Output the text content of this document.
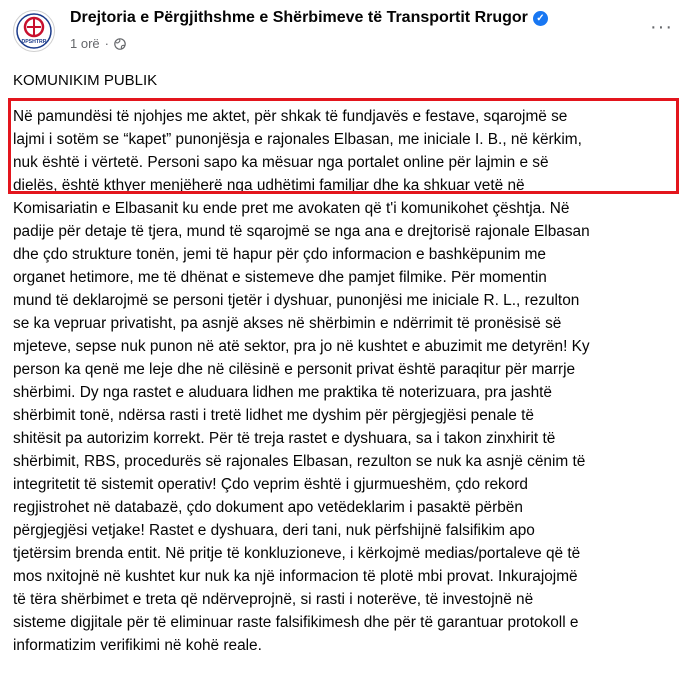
DPSHTRR
Drejtoria e Përgjithshme e Shërbimeve të Transportit Rrugor ✓
1 orë ·
···
KOMUNIKIM PUBLIK
Në pamundësi të njohjes me aktet, për shkak të fundjavës e festave, sqarojmë se
lajmi i sotëm se “kapet” punonjësja e rajonales Elbasan, me iniciale I. B., në kërkim,
nuk është i vërtetë. Personi sapo ka mësuar nga portalet online për lajmin e së
dielës, është kthyer menjëherë nga udhëtimi familjar dhe ka shkuar vetë në
Komisariatin e Elbasanit ku ende pret me avokaten që t'i komunikohet çështja. Në
padije për detaje të tjera, mund të sqarojmë se nga ana e drejtorisë rajonale Elbasan
dhe çdo strukture tonën, jemi të hapur për çdo informacion e bashkëpunim me
organet hetimore, me të dhënat e sistemeve dhe pamjet filmike. Për momentin
mund të deklarojmë se personi tjetër i dyshuar, punonjësi me iniciale R. L., rezulton
se ka vepruar privatisht, pa asnjë akses në shërbimin e ndërrimit të pronësisë së
mjeteve, sepse nuk punon në atë sektor, pra jo në kushtet e abuzimit me detyrën! Ky
person ka qenë me leje dhe në cilësinë e personit privat është paraqitur për marrje
shërbimi. Dy nga rastet e aluduara lidhen me praktika të noterizuara, pra jashtë
shërbimit tonë, ndërsa rasti i tretë lidhet me dyshim për përgjegjësi penale të
shitësit pa autorizim korrekt. Për të treja rastet e dyshuara, sa i takon zinxhirit të
shërbimit, RBS, procedurës së rajonales Elbasan, rezulton se nuk ka asnjë cënim të
integritetit të sistemit operativ! Çdo veprim është i gjurmueshëm, çdo rekord
regjistrohet në databazë, çdo dokument apo vetëdeklarim i pasaktë përbën
përgjegjësi vetjake! Rastet e dyshuara, deri tani, nuk përfshijnë falsifikim apo
tjetërsim brenda entit. Në pritje të konkluzioneve, i kërkojmë medias/portaleve që të
mos nxitojnë në kushtet kur nuk ka një informacion të plotë mbi provat. Inkurajojmë
të tëra shërbimet e treta që ndërveprojnë, si rasti i noterëve, të investojnë në
sisteme digjitale për të eliminuar raste falsifikimesh dhe për të garantuar protokoll e
informatizim verifikimi në kohë reale.
